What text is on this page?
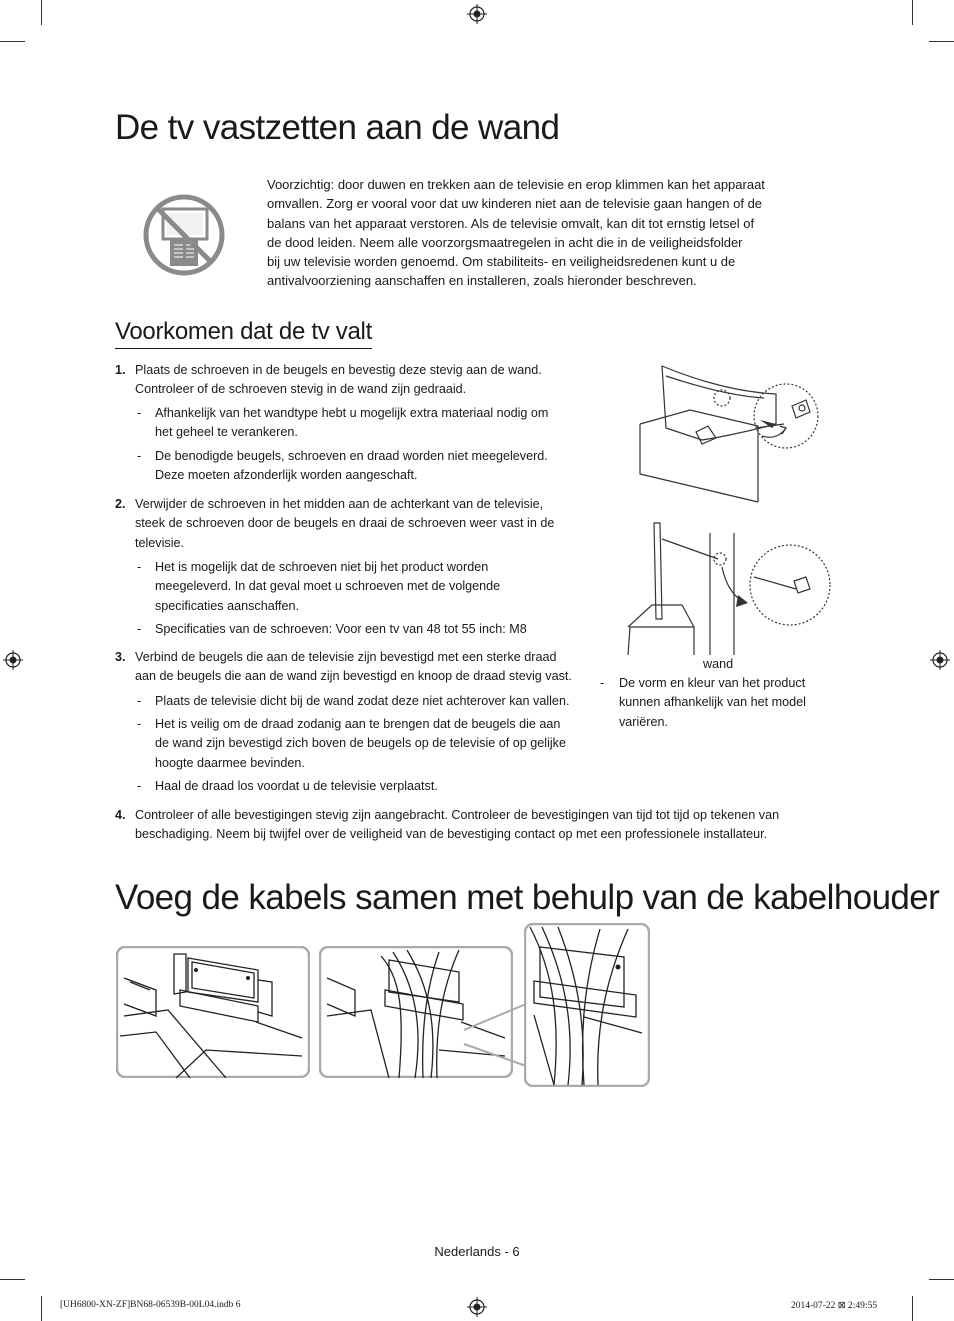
De tv vastzetten aan de wand
Voorzichtig: door duwen en trekken aan de televisie en erop klimmen kan het apparaat
omvallen. Zorg er vooral voor dat uw kinderen niet aan de televisie gaan hangen of de
balans van het apparaat verstoren. Als de televisie omvalt, kan dit tot ernstig letsel of
de dood leiden. Neem alle voorzorgsmaatregelen in acht die in de veiligheidsfolder
bij uw televisie worden genoemd. Om stabiliteits- en veiligheidsredenen kunt u de
antivalvoorziening aanschaffen en installeren, zoals hieronder beschreven.
Voorkomen dat de tv valt
1. Plaats de schroeven in de beugels en bevestig deze stevig aan de wand.
Controleer of de schroeven stevig in de wand zijn gedraaid.
- Afhankelijk van het wandtype hebt u mogelijk extra materiaal nodig om
het geheel te verankeren.
- De benodigde beugels, schroeven en draad worden niet meegeleverd.
Deze moeten afzonderlijk worden aangeschaft.
2. Verwijder de schroeven in het midden aan de achterkant van de televisie,
steek de schroeven door de beugels en draai de schroeven weer vast in de
televisie.
- Het is mogelijk dat de schroeven niet bij het product worden
meegeleverd. In dat geval moet u schroeven met de volgende
specificaties aanschaffen.
- Specificaties van de schroeven: Voor een tv van 48 tot 55 inch: M8
3. Verbind de beugels die aan de televisie zijn bevestigd met een sterke draad
aan de beugels die aan de wand zijn bevestigd en knoop de draad stevig vast.
- Plaats de televisie dicht bij de wand zodat deze niet achterover kan vallen.
- Het is veilig om de draad zodanig aan te brengen dat de beugels die aan
de wand zijn bevestigd zich boven de beugels op de televisie of op gelijke
hoogte daarmee bevinden.
- Haal de draad los voordat u de televisie verplaatst.
4. Controleer of alle bevestigingen stevig zijn aangebracht. Controleer de bevestigingen van tijd tot tijd op tekenen van
beschadiging. Neem bij twijfel over de veiligheid van de bevestiging contact op met een professionele installateur.
wand
- De vorm en kleur van het product
kunnen afhankelijk van het model
variëren.
Voeg de kabels samen met behulp van de kabelhouder
Nederlands - 6
[UH6800-XN-ZF]BN68-06539B-00L04.indb 6	2014-07-22 ⊠ 2:49:55
